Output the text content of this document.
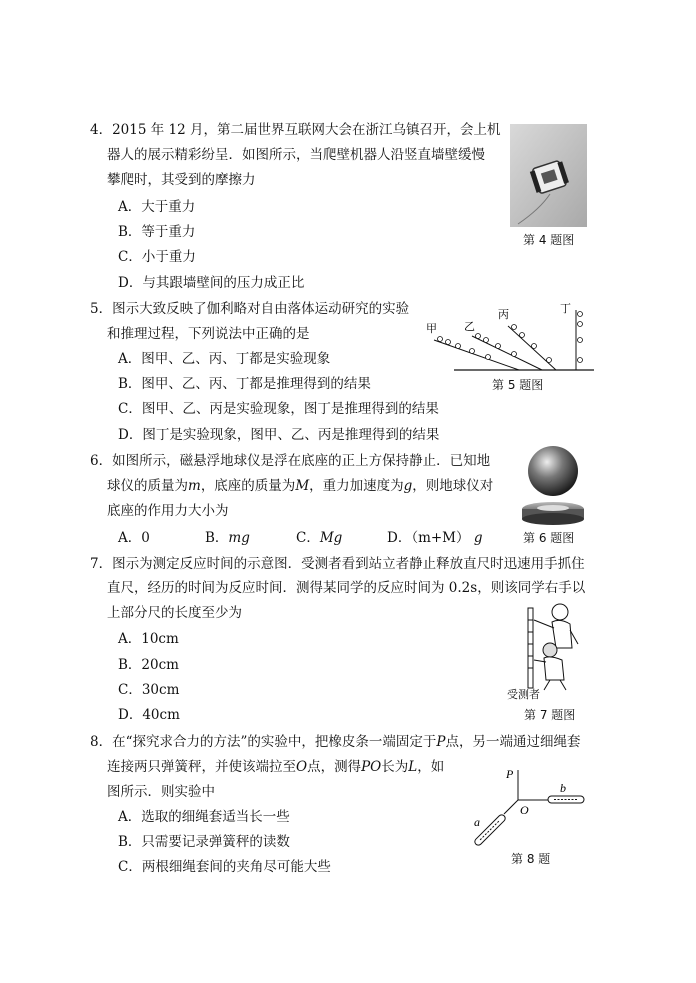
4．2015 年 12 月，第二届世界互联网大会在浙江乌镇召开，会上机
器人的展示精彩纷呈．如图所示，当爬壁机器人沿竖直墙壁缓慢
攀爬时，其受到的摩擦力
A．大于重力
B．等于重力
C．小于重力
D．与其跟墙壁间的压力成正比
第 4 题图
5．图示大致反映了伽利略对自由落体运动研究的实验
和推理过程，下列说法中正确的是
A．图甲、乙、丙、丁都是实验现象
B．图甲、乙、丙、丁都是推理得到的结果
C．图甲、乙、丙是实验现象，图丁是推理得到的结果
D．图丁是实验现象，图甲、乙、丙是推理得到的结果
甲 乙
丙	丁
第 5 题图
6．如图所示，磁悬浮地球仪是浮在底座的正上方保持静止．已知地
球仪的质量为m，底座的质量为M，重力加速度为g，则地球仪对
底座的作用力大小为
A．0	B．mg	C．Mg	D．（m+M） g	第 6 题图
7．图示为测定反应时间的示意图．受测者看到站立者静止释放直尺时迅速用手抓住
直尺，经历的时间为反应时间．测得某同学的反应时间为 0.2s，则该同学右手以
上部分尺的长度至少为
A．10cm
B．20cm
C．30cm
D．40cm
受测者
第 7 题图
8．在“探究求合力的方法”的实验中，把橡皮条一端固定于P点，另一端通过细绳套
连接两只弹簧秤，并使该端拉至O点，测得PO长为L，如
图所示．则实验中
A．选取的细绳套适当长一些
B．只需要记录弹簧秤的读数
C．两根细绳套间的夹角尽可能大些
P
O
b
a
第 8 题
